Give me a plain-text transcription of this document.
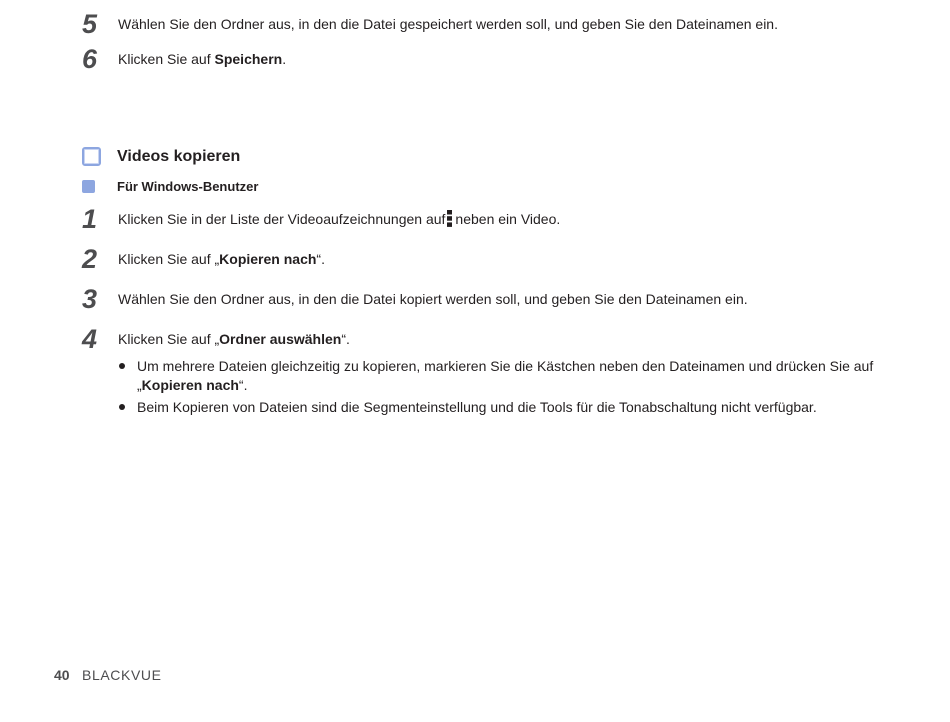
5	Wählen Sie den Ordner aus, in den die Datei gespeichert werden soll, und geben Sie den Dateinamen ein.
6	Klicken Sie auf Speichern.
Videos kopieren
Für Windows-Benutzer
1	Klicken Sie in der Liste der Videoaufzeichnungen auf neben ein Video.
2	Klicken Sie auf „Kopieren nach“.
3	Wählen Sie den Ordner aus, in den die Datei kopiert werden soll, und geben Sie den Dateinamen ein.
4	Klicken Sie auf „Ordner auswählen“.
Um mehrere Dateien gleichzeitig zu kopieren, markieren Sie die Kästchen neben den Dateinamen und drücken Sie auf „Kopieren nach“.
Beim Kopieren von Dateien sind die Segmenteinstellung und die Tools für die Tonabschaltung nicht verfügbar.
40 BLACKVUE
